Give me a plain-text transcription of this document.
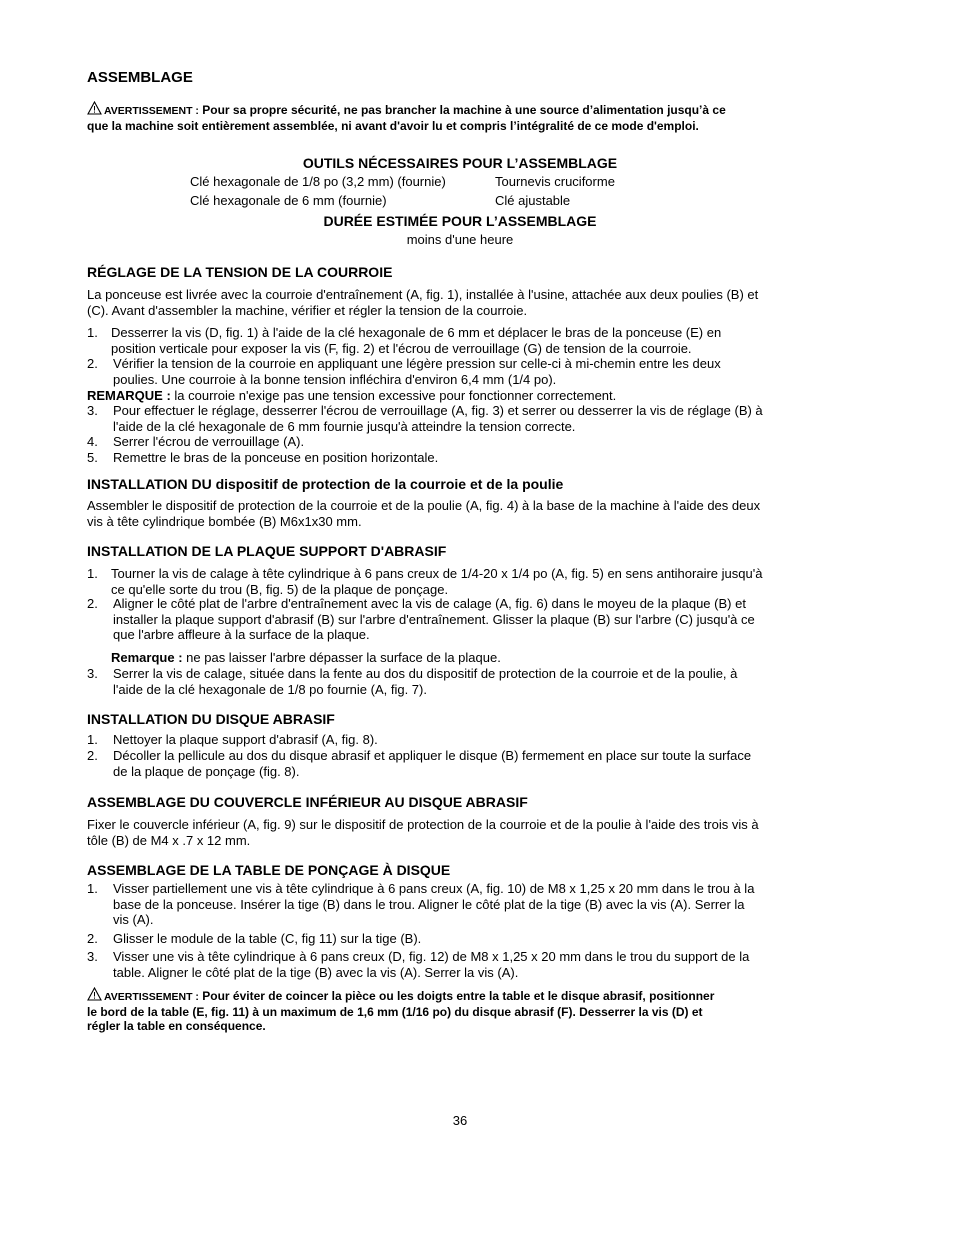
ASSEMBLAGE
AVERTISSEMENT : Pour sa propre sécurité, ne pas brancher la machine à une source d’alimentation jusqu’à ce
que la machine soit entièrement assemblée, ni avant d'avoir lu et compris l’intégralité de ce mode d'emploi.
OUTILS NÉCESSAIRES POUR L’ASSEMBLAGE
Clé hexagonale de 1/8 po (3,2 mm) (fournie)	Tournevis cruciforme
Clé hexagonale de 6 mm (fournie)	Clé ajustable
DURÉE ESTIMÉE POUR L’ASSEMBLAGE
moins d'une heure
RÉGLAGE DE LA TENSION DE LA COURROIE
La ponceuse est livrée avec la courroie d'entraînement (A, fig. 1), installée à l'usine, attachée aux deux poulies (B) et
(C). Avant d'assembler la machine, vérifier et régler la tension de la courroie.
1. Desserrer la vis (D, fig. 1) à l'aide de la clé hexagonale de 6 mm et déplacer le bras de la ponceuse (E) en
position verticale pour exposer la vis (F, fig. 2) et l'écrou de verrouillage (G) de tension de la courroie.
2. Vérifier la tension de la courroie en appliquant une légère pression sur celle-ci à mi-chemin entre les deux
poulies. Une courroie à la bonne tension infléchira d'environ 6,4 mm (1/4 po).
REMARQUE : la courroie n'exige pas une tension excessive pour fonctionner correctement.
3. Pour effectuer le réglage, desserrer l'écrou de verrouillage (A, fig. 3) et serrer ou desserrer la vis de réglage (B) à
l'aide de la clé hexagonale de 6 mm fournie jusqu'à atteindre la tension correcte.
4. Serrer l'écrou de verrouillage (A).
5. Remettre le bras de la ponceuse en position horizontale.
INSTALLATION DU dispositif de protection de la courroie et de la poulie
Assembler le dispositif de protection de la courroie et de la poulie (A, fig. 4) à la base de la machine à l'aide des deux
vis à tête cylindrique bombée (B) M6x1x30 mm.
INSTALLATION DE LA PLAQUE SUPPORT D'ABRASIF
1. Tourner la vis de calage à tête cylindrique à 6 pans creux de 1/4-20 x 1/4 po (A, fig. 5) en sens antihoraire jusqu'à
ce qu'elle sorte du trou (B, fig. 5) de la plaque de ponçage.
2. Aligner le côté plat de l'arbre d'entraînement avec la vis de calage (A, fig. 6) dans le moyeu de la plaque (B) et
installer la plaque support d'abrasif (B) sur l'arbre d'entraînement. Glisser la plaque (B) sur l'arbre (C) jusqu'à ce
que l'arbre affleure à la surface de la plaque.
Remarque : ne pas laisser l'arbre dépasser la surface de la plaque.
3. Serrer la vis de calage, située dans la fente au dos du dispositif de protection de la courroie et de la poulie, à
l'aide de la clé hexagonale de 1/8 po fournie (A, fig. 7).
INSTALLATION DU DISQUE ABRASIF
1. Nettoyer la plaque support d'abrasif (A, fig. 8).
2. Décoller la pellicule au dos du disque abrasif et appliquer le disque (B) fermement en place sur toute la surface
de la plaque de ponçage (fig. 8).
ASSEMBLAGE DU COUVERCLE INFÉRIEUR AU DISQUE ABRASIF
Fixer le couvercle inférieur (A, fig. 9) sur le dispositif de protection de la courroie et de la poulie à l'aide des trois vis à
tôle (B) de M4 x .7 x 12 mm.
ASSEMBLAGE DE LA TABLE DE PONÇAGE À DISQUE
1. Visser partiellement une vis à tête cylindrique à 6 pans creux (A, fig. 10) de M8 x 1,25 x 20 mm dans le trou à la
base de la ponceuse. Insérer la tige (B) dans le trou. Aligner le côté plat de la tige (B) avec la vis (A). Serrer la
vis (A).
2. Glisser le module de la table (C, fig 11) sur la tige (B).
3. Visser une vis à tête cylindrique à 6 pans creux (D, fig. 12) de M8 x 1,25 x 20 mm dans le trou du support de la
table. Aligner le côté plat de la tige (B) avec la vis (A). Serrer la vis (A).
AVERTISSEMENT : Pour éviter de coincer la pièce ou les doigts entre la table et le disque abrasif, positionner
le bord de la table (E, fig. 11) à un maximum de 1,6 mm (1/16 po) du disque abrasif (F). Desserrer la vis (D) et
régler la table en conséquence.
36
